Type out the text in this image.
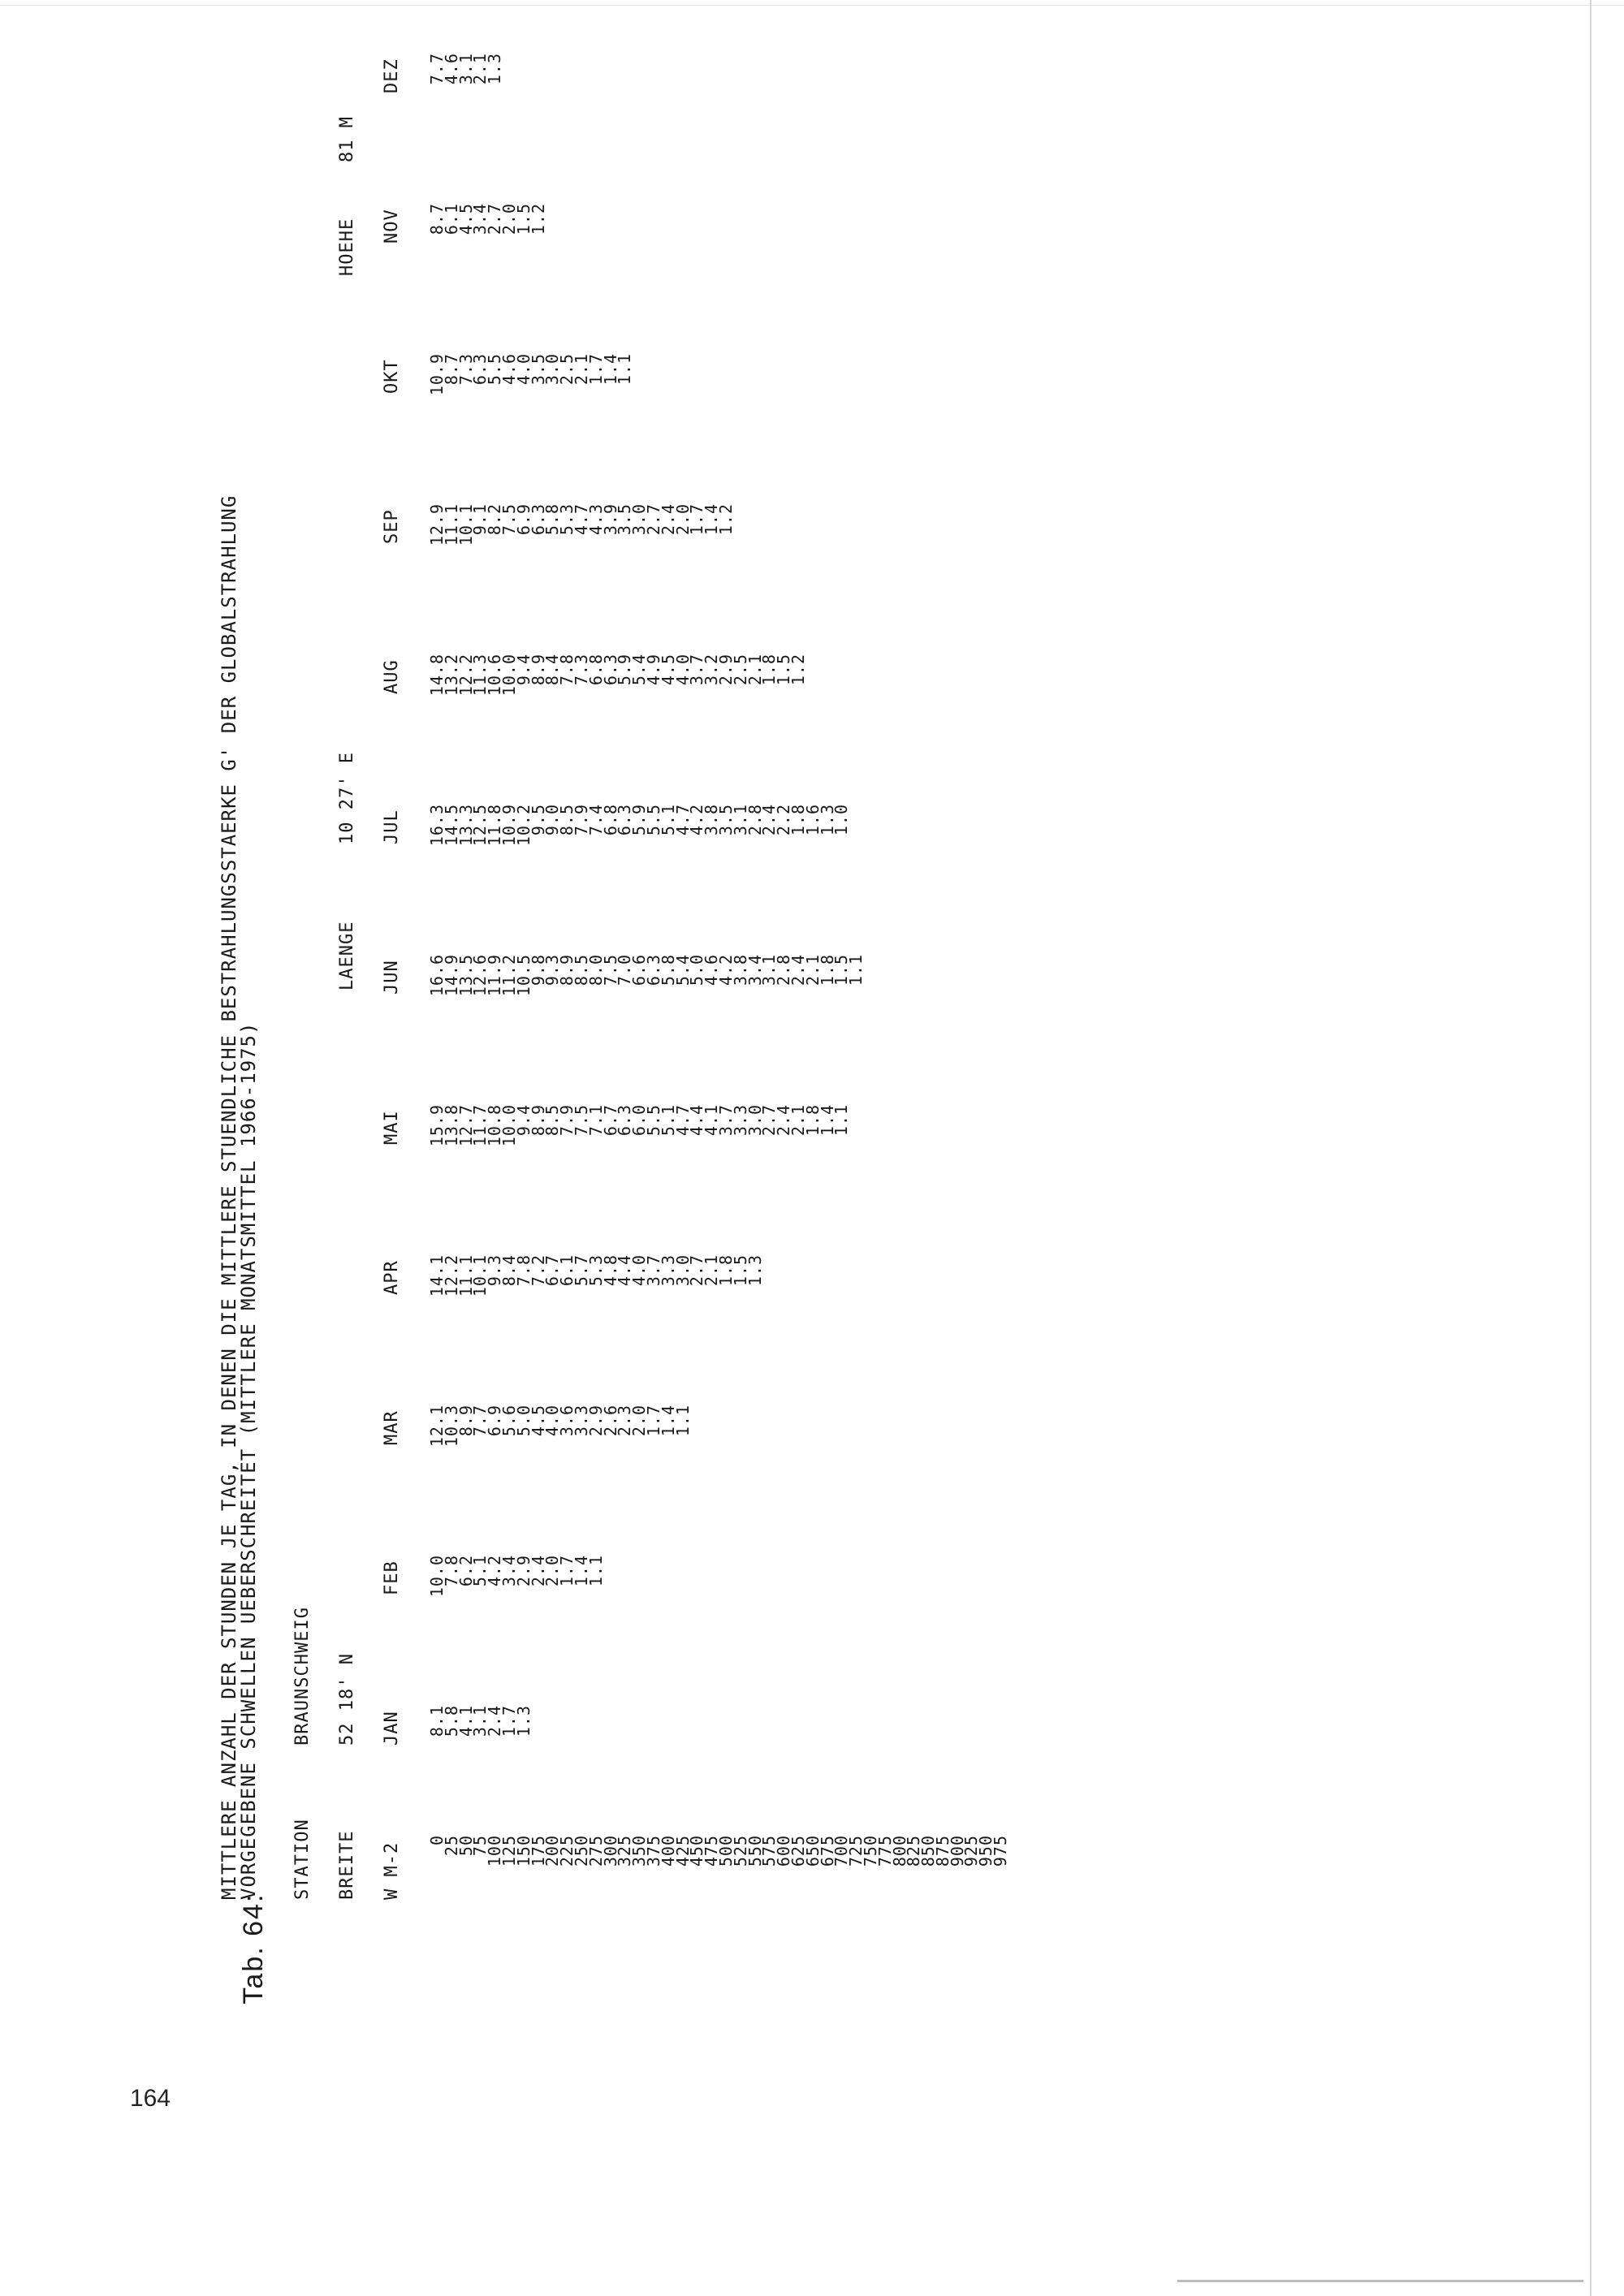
164

Tab. 64:

MITTLERE ANZAHL DER STUNDEN JE TAG, IN DENEN DIE MITTLERE STUENDLICHE BESTRAHLUNGSSTAERKE G' DER GLOBALSTRAHLUNG
VORGEGEBENE SCHWELLEN UEBERSCHREITET (MITTLERE MONATSMITTEL 1966-1975) STATION
BRAUNSCHWEIG
BREITE
52 18' N
LAENGE
10 27' E
HOEHE
81 M
W M-2
0
25
50
75
100
125
150
175
200
225
250
275
300
325
350
375
400
425
450
475
500
525
550
575
600
625
650
675
700
725
750
775
800
825
850
875
900
925
950
975
JAN 8.1
5.8
4.1
3.1
2.4
1.7
1.3
FEB 10.0
7.8
6.2
5.1
4.2
3.4
2.9
2.4
2.0
1.7
1.4
1.1
MAR 12.1
10.3
8.9
7.7
6.9
5.6
5.0
4.5
4.0
3.6
3.3
2.9
2.6
2.3
2.0
1.7
1.4
1.1
APR 14.1
12.2
11.1
10.1
9.3
8.4
7.8
7.2
6.7
6.1
5.7
5.3
4.8
4.4
4.0
3.7
3.3
3.0
2.7
2.1
1.8
1.5
1.3
MAI 15.9
13.8
12.7
11.7
10.8
10.0
9.4
8.9
8.5
7.9
7.5
7.1
6.7
6.3
6.0
5.5
5.1
4.7
4.4
4.1
3.7
3.3
3.0
2.7
2.4
2.1
1.8
1.4
1.1
JUN 16.6
14.9
13.5
12.6
11.9
11.2
10.5
9.8
9.3
8.9
8.5
8.0
7.5
7.0
6.6
6.3
5.8
5.4
5.0
4.6
4.2
3.8
3.4
3.1
2.8
2.4
2.1
1.8
1.5
1.1
JUL 16.3
14.5
13.3
12.5
11.8
10.9
10.2
9.5
9.0
8.5
7.9
7.4
6.8
6.3
5.9
5.5
5.1
4.7
4.2
3.8
3.5
3.1
2.8
2.4
2.2
1.8
1.6
1.3
1.0
AUG 14.8
13.2
12.2
11.3
10.6
10.0
9.4
8.9
8.4
7.8
7.3
6.8
6.3
5.9
5.4
4.9
4.5
4.0
3.7
3.2
2.9
2.5
2.1
1.8
1.5
1.2
SEP 12.9
11.1
10.1
9.1
8.2
7.5
6.9
6.3
5.8
5.3
4.7
4.3
3.9
3.5
3.0
2.7
2.4
2.0
1.7
1.4
1.2
OKT 10.9
8.7
7.3
6.3
5.5
4.6
4.0
3.5
3.0
2.5
2.1
1.7
1.4
1.1
NOV 8.7
6.1
4.5
3.4
2.7
2.0
1.5
1.2
DEZ 7.7
4.6
3.1
2.1
1.3
